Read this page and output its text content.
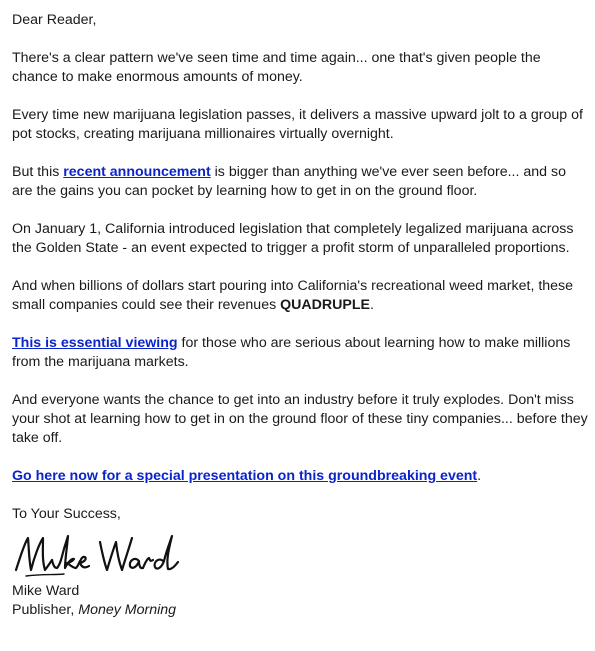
Dear Reader,

There's a clear pattern we've seen time and time again... one that's given people the chance to make enormous amounts of money.

Every time new marijuana legislation passes, it delivers a massive upward jolt to a group of pot stocks, creating marijuana millionaires virtually overnight.

But this recent announcement is bigger than anything we've ever seen before... and so are the gains you can pocket by learning how to get in on the ground floor.

On January 1, California introduced legislation that completely legalized marijuana across the Golden State - an event expected to trigger a profit storm of unparalleled proportions.

And when billions of dollars start pouring into California's recreational weed market, these small companies could see their revenues QUADRUPLE.

This is essential viewing for those who are serious about learning how to make millions from the marijuana markets.

And everyone wants the chance to get into an industry before it truly explodes. Don't miss your shot at learning how to get in on the ground floor of these tiny companies... before they take off.

Go here now for a special presentation on this groundbreaking event.

To Your Success,

Mike Ward

Publisher, Money Morning
